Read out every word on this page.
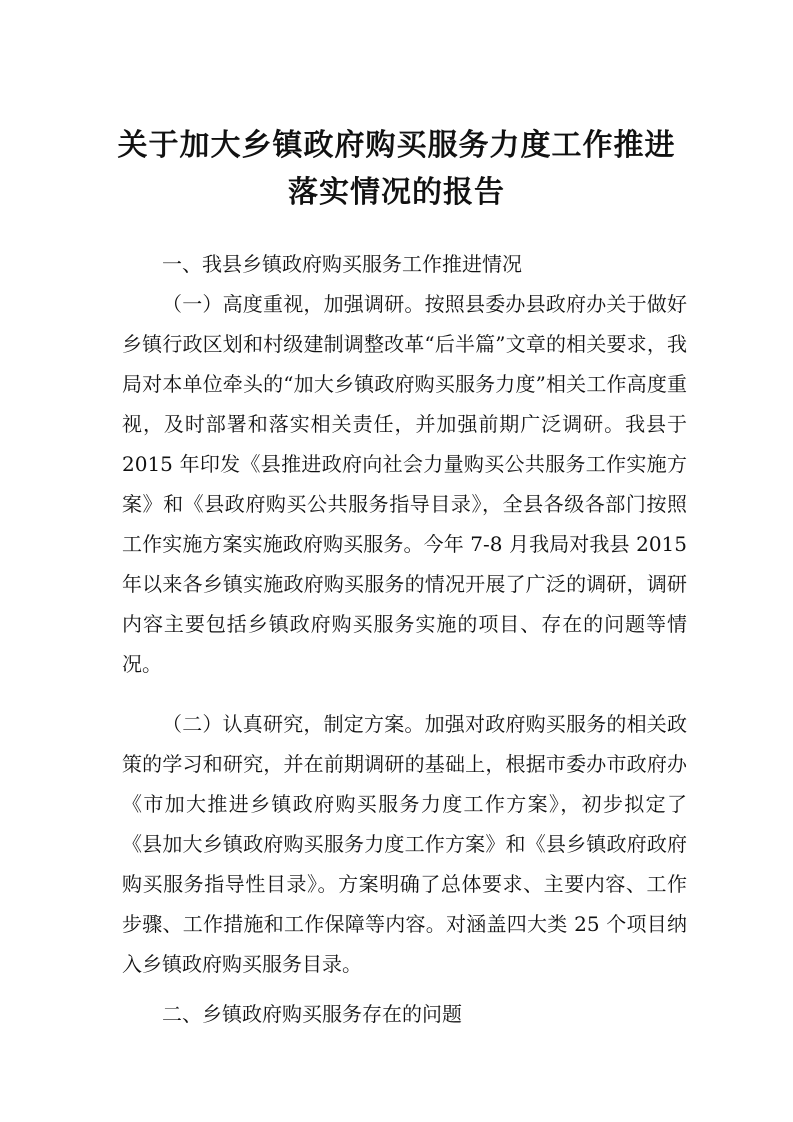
关于加大乡镇政府购买服务力度工作推进
落实情况的报告
一、我县乡镇政府购买服务工作推进情况

（一）高度重视，加强调研。按照县委办县政府办关于做好乡镇行政区划和村级建制调整改革“后半篇”文章的相关要求，我局对本单位牵头的“加大乡镇政府购买服务力度”相关工作高度重视，及时部署和落实相关责任，并加强前期广泛调研。我县于 2015 年印发《县推进政府向社会力量购买公共服务工作实施方案》和《县政府购买公共服务指导目录》，全县各级各部门按照工作实施方案实施政府购买服务。今年 7-8 月我局对我县 2015 年以来各乡镇实施政府购买服务的情况开展了广泛的调研，调研内容主要包括乡镇政府购买服务实施的项目、存在的问题等情况。

（二）认真研究，制定方案。加强对政府购买服务的相关政策的学习和研究，并在前期调研的基础上，根据市委办市政府办《市加大推进乡镇政府购买服务力度工作方案》，初步拟定了《县加大乡镇政府购买服务力度工作方案》和《县乡镇政府政府购买服务指导性目录》。方案明确了总体要求、主要内容、工作步骤、工作措施和工作保障等内容。对涵盖四大类 25 个项目纳入乡镇政府购买服务目录。

二、乡镇政府购买服务存在的问题
